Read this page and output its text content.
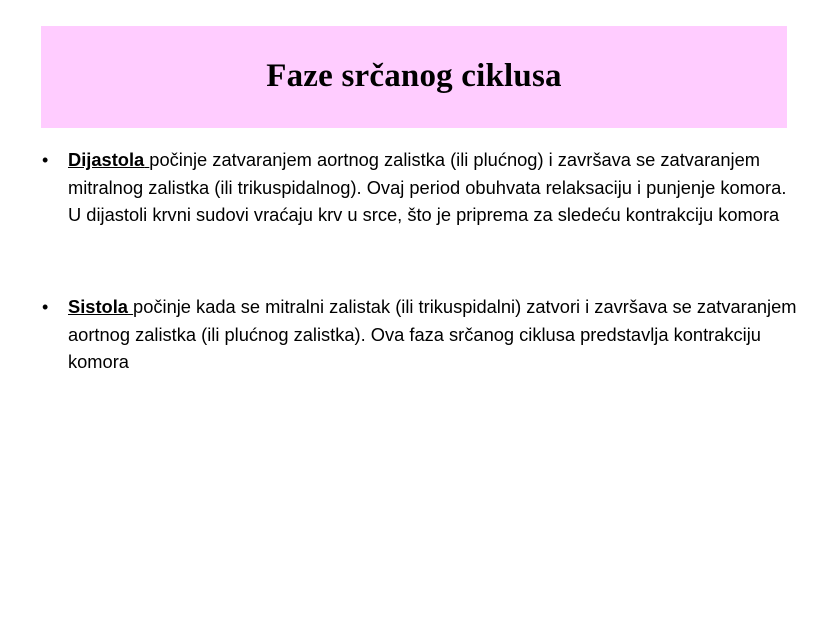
Faze srčanog ciklusa
• Dijastola počinje zatvaranjem aortnog zalistka (ili plućnog) i završava se zatvaranjem mitralnog zalistka (ili trikuspidalnog). Ovaj period obuhvata relaksaciju i punjenje komora. U dijastoli krvni sudovi vraćaju krv u srce, što je priprema za sledeću kontrakciju komora
• Sistola počinje kada se mitralni zalistak (ili trikuspidalni) zatvori i završava se zatvaranjem aortnog zalistka (ili plućnog zalistka). Ova faza srčanog ciklusa predstavlja kontrakciju komora
